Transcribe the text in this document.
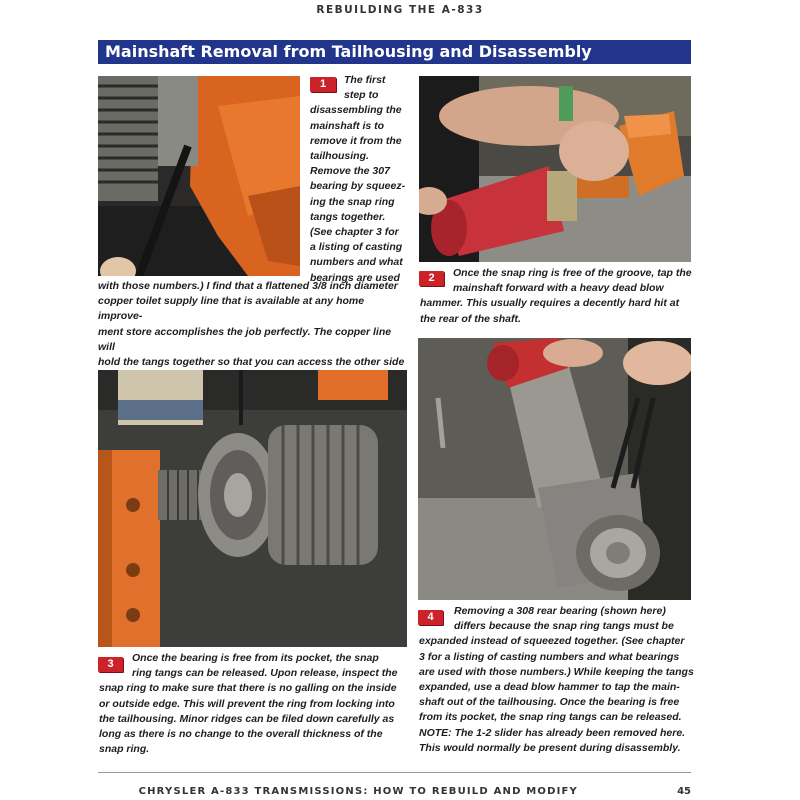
REBUILDING THE A-833
Mainshaft Removal from Tailhousing and Disassembly
1	The first
step to
disassembling the
mainshaft is to
remove it from the
tailhousing.
Remove the 307
bearing by squeez-
ing the snap ring
tangs together.
(See chapter 3 for
a listing of casting
numbers and what
bearings are used
with those numbers.) I find that a flattened 3/8 inch diameter
copper toilet supply line that is available at any home improve-
ment store accomplishes the job perfectly. The copper line will
hold the tangs together so that you can access the other side
2	Once the snap ring is free of the groove, tap the
mainshaft forward with a heavy dead blow
hammer. This usually requires a decently hard hit at
the rear of the shaft.
3	Once the bearing is free from its pocket, the snap
ring tangs can be released. Upon release, inspect the
snap ring to make sure that there is no galling on the inside
or outside edge. This will prevent the ring from locking into
the tailhousing. Minor ridges can be filed down carefully as
long as there is no change to the overall thickness of the
snap ring.
4	Removing a 308 rear bearing (shown here)
differs because the snap ring tangs must be
expanded instead of squeezed together. (See chapter
3 for a listing of casting numbers and what bearings
are used with those numbers.) While keeping the tangs
expanded, use a dead blow hammer to tap the main-
shaft out of the tailhousing. Once the bearing is free
from its pocket, the snap ring tangs can be released.
NOTE: The 1-2 slider has already been removed here.
This would normally be present during disassembly.
CHRYSLER A-833 TRANSMISSIONS: HOW TO REBUILD AND MODIFY	45
